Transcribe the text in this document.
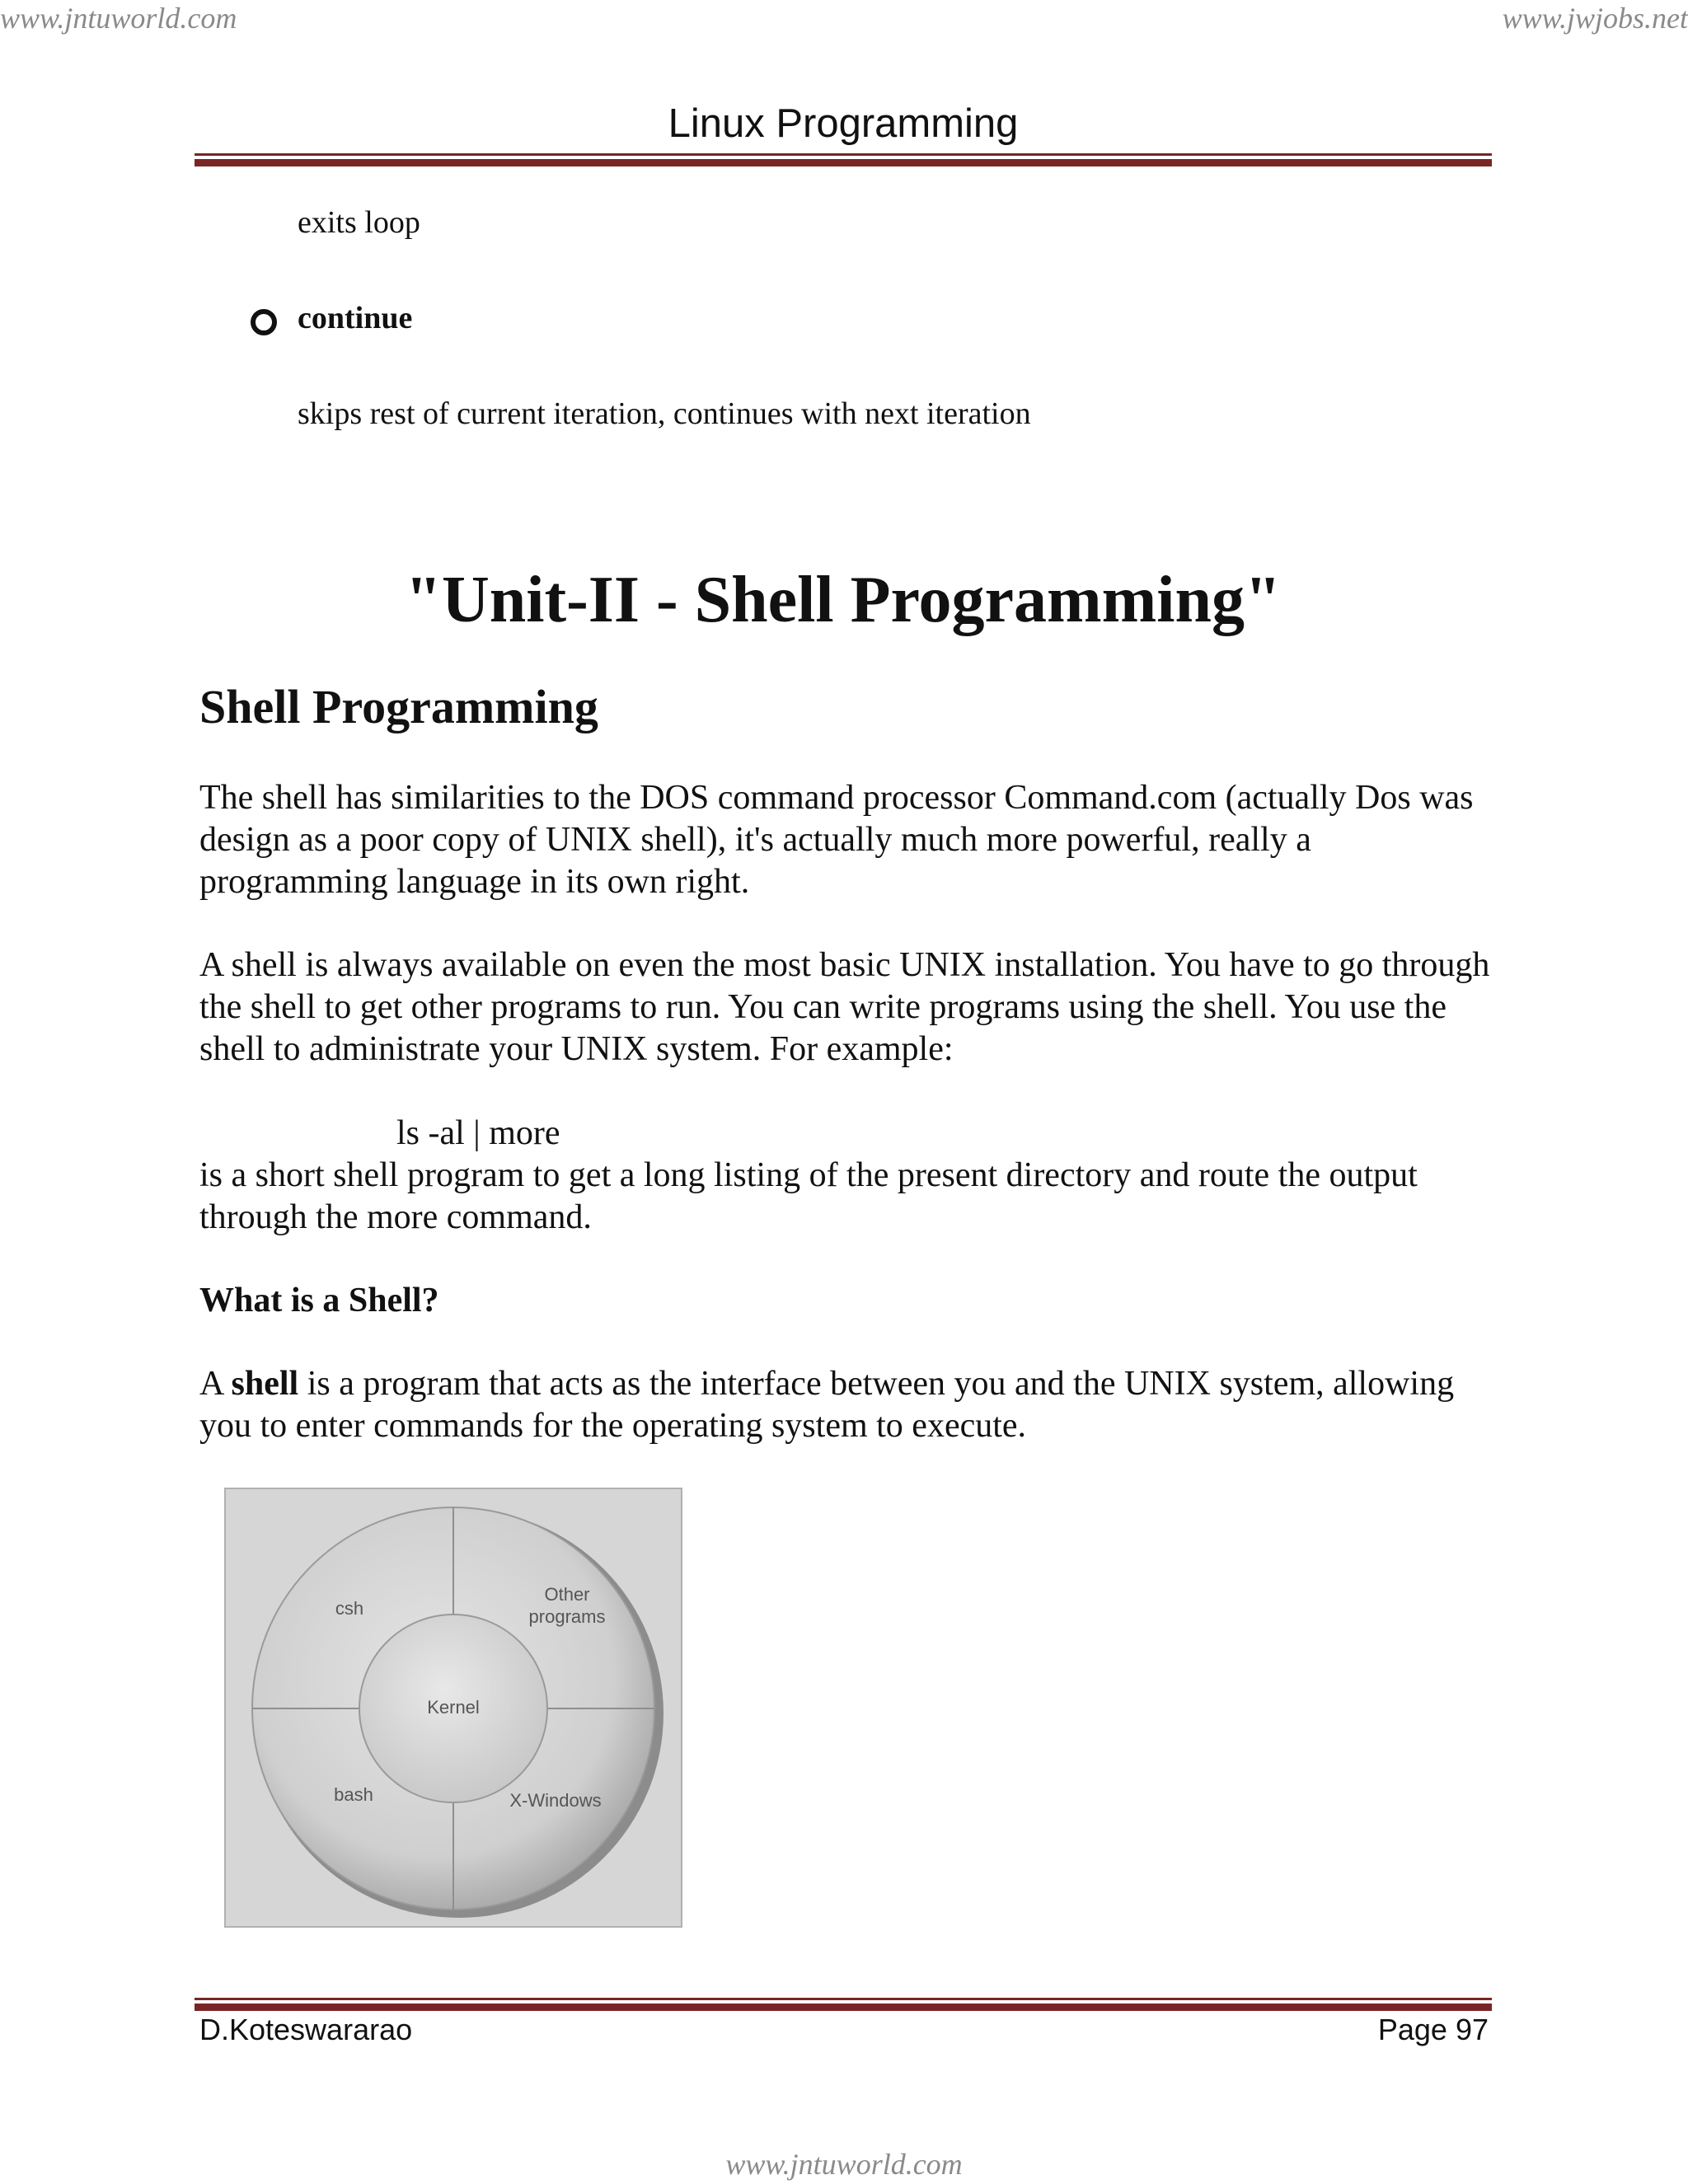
www.jntuworld.com	www.jwjobs.net
Linux Programming
exits loop
continue
skips rest of current iteration, continues with next iteration
"Unit-II - Shell Programming"
Shell Programming
The shell has similarities to the DOS command processor Command.com (actually Dos was design as a poor copy of UNIX shell), it's actually much more powerful, really a programming language in its own right.
A shell is always available on even the most basic UNIX installation. You have to go through the shell to get other programs to run. You can write programs using the shell. You use the shell to administrate your UNIX system. For example:
ls -al | more
is a short shell program to get a long listing of the present directory and route the output through the more command.
What is a Shell?
A shell is a program that acts as the interface between you and the UNIX system, allowing you to enter commands for the operating system to execute.
csh
Other
programs
Kernel
bash	X-Windows
D.Koteswararao	Page 97
www.jntuworld.com
